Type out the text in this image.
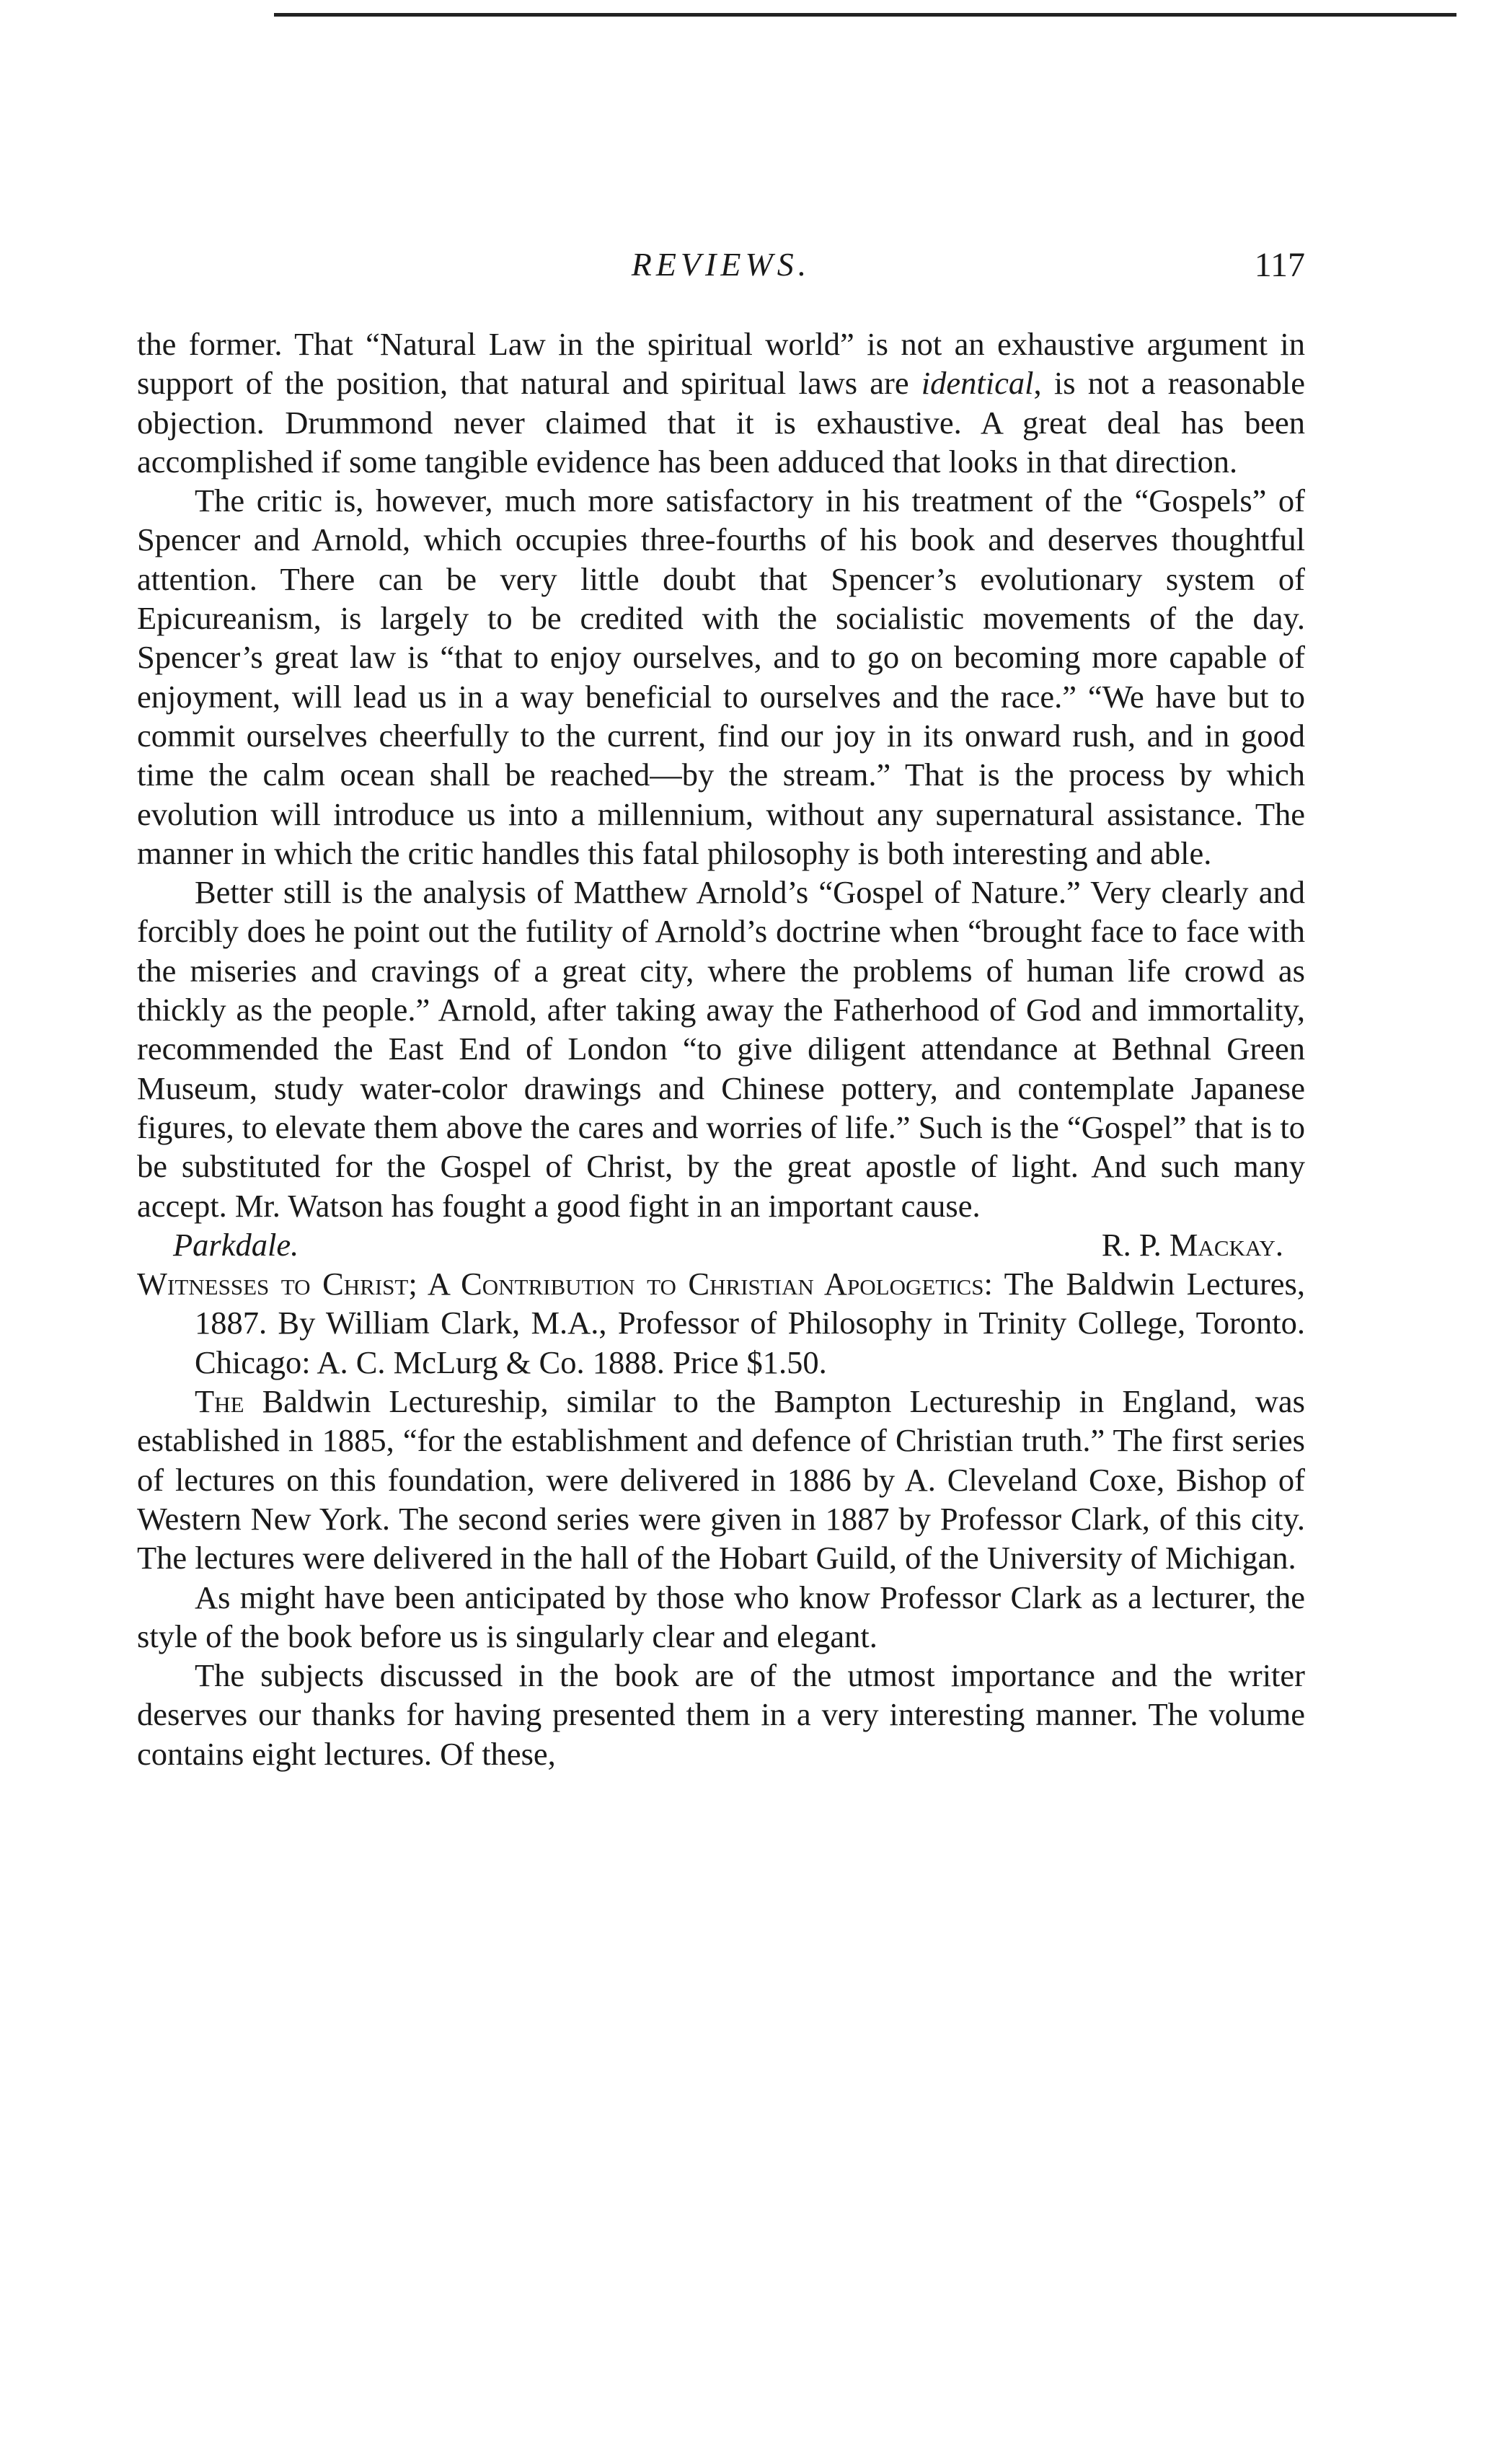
REVIEWS.	117

the former. That “Natural Law in the spiritual world” is not an exhaustive argument in support of the position, that natural and spiritual laws are identical, is not a reasonable objection. Drummond never claimed that it is exhaustive. A great deal has been accomplished if some tangible evidence has been adduced that looks in that direction.

The critic is, however, much more satisfactory in his treatment of the “Gospels” of Spencer and Arnold, which occupies three-fourths of his book and deserves thoughtful attention. There can be very little doubt that Spencer’s evolutionary system of Epicureanism, is largely to be credited with the socialistic movements of the day. Spencer’s great law is “that to enjoy ourselves, and to go on becoming more capable of enjoyment, will lead us in a way beneficial to ourselves and the race.” “We have but to commit ourselves cheerfully to the current, find our joy in its onward rush, and in good time the calm ocean shall be reached—by the stream.” That is the process by which evolution will introduce us into a millennium, without any supernatural assistance. The manner in which the critic handles this fatal philosophy is both interesting and able.

Better still is the analysis of Matthew Arnold’s “Gospel of Nature.” Very clearly and forcibly does he point out the futility of Arnold’s doctrine when “brought face to face with the miseries and cravings of a great city, where the problems of human life crowd as thickly as the people.” Arnold, after taking away the Fatherhood of God and immortality, recommended the East End of London “to give diligent attendance at Bethnal Green Museum, study water-color drawings and Chinese pottery, and contemplate Japanese figures, to elevate them above the cares and worries of life.” Such is the “Gospel” that is to be substituted for the Gospel of Christ, by the great apostle of light. And such many accept. Mr. Watson has fought a good fight in an important cause.

Parkdale.	R. P. Mackay.

Witnesses to Christ; A Contribution to Christian Apologetics: The Baldwin Lectures, 1887. By William Clark, M.A., Professor of Philosophy in Trinity College, Toronto. Chicago: A. C. McLurg & Co. 1888. Price $1.50.

The Baldwin Lectureship, similar to the Bampton Lectureship in England, was established in 1885, “for the establishment and defence of Christian truth.” The first series of lectures on this foundation, were delivered in 1886 by A. Cleveland Coxe, Bishop of Western New York. The second series were given in 1887 by Professor Clark, of this city. The lectures were delivered in the hall of the Hobart Guild, of the University of Michigan.

As might have been anticipated by those who know Professor Clark as a lecturer, the style of the book before us is singularly clear and elegant.

The subjects discussed in the book are of the utmost importance and the writer deserves our thanks for having presented them in a very interesting manner. The volume contains eight lectures. Of these,
